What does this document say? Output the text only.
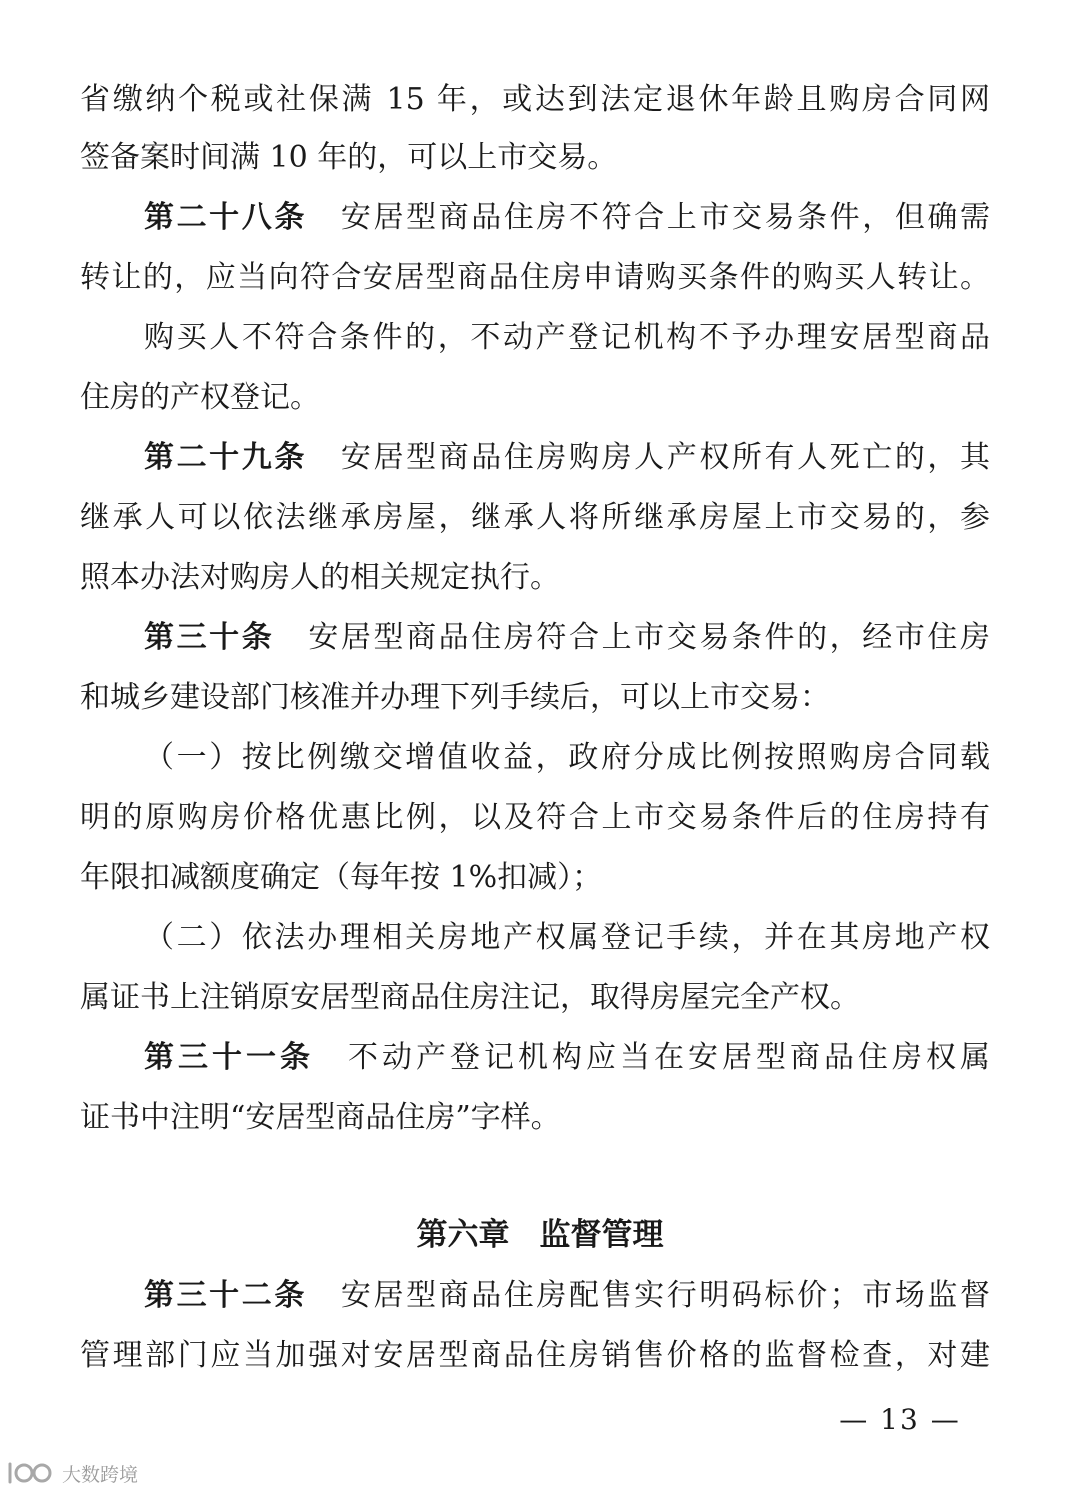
省缴纳个税或社保满 15 年，或达到法定退休年龄且购房合同网
签备案时间满 10 年的，可以上市交易。
第二十八条 安居型商品住房不符合上市交易条件，但确需
转让的，应当向符合安居型商品住房申请购买条件的购买人转让。
购买人不符合条件的，不动产登记机构不予办理安居型商品
住房的产权登记。
第二十九条 安居型商品住房购房人产权所有人死亡的，其
继承人可以依法继承房屋，继承人将所继承房屋上市交易的，参
照本办法对购房人的相关规定执行。
第三十条 安居型商品住房符合上市交易条件的，经市住房
和城乡建设部门核准并办理下列手续后，可以上市交易：
（一）按比例缴交增值收益，政府分成比例按照购房合同载
明的原购房价格优惠比例，以及符合上市交易条件后的住房持有
年限扣减额度确定（每年按 1%扣减）；
（二）依法办理相关房地产权属登记手续，并在其房地产权
属证书上注销原安居型商品住房注记，取得房屋完全产权。
第三十一条 不动产登记机构应当在安居型商品住房权属
证书中注明“安居型商品住房”字样。
第六章 监督管理
第三十二条 安居型商品住房配售实行明码标价；市场监督
管理部门应当加强对安居型商品住房销售价格的监督检查，对建
— 13 —
大数跨境
